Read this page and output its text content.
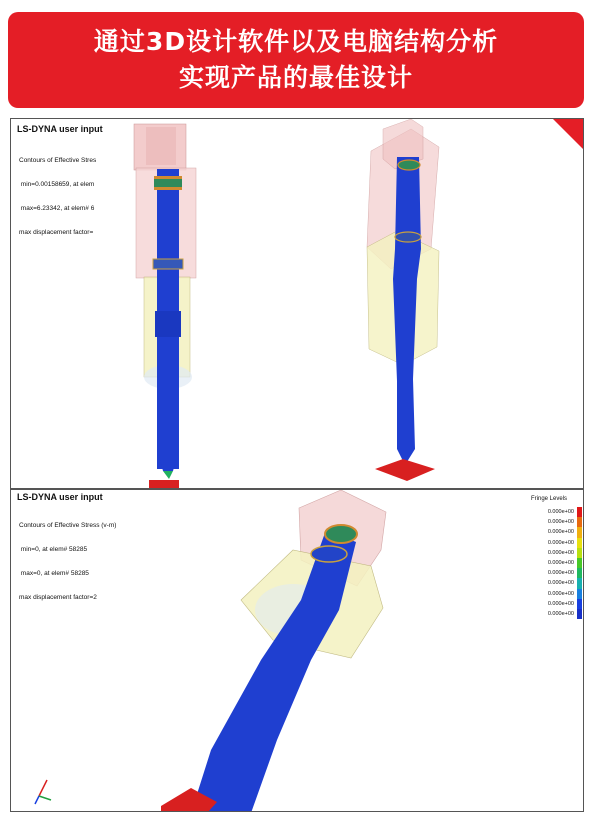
通过3D设计软件以及电脑结构分析
实现产品的最佳设计
LS-DYNA user input

Contours of Effective Stres

min=0.00158659, at elem

max=6.23342, at elem# 6

max displacement factor=

LS-DYNA user input

Contours of Effective Stress (v-m)

min=0, at elem# 58285

max=0, at elem# 58285

max displacement factor=2

Fringe Levels
0.000e+00
0.000e+00
0.000e+00
0.000e+00
0.000e+00
0.000e+00
0.000e+00
0.000e+00
0.000e+00
0.000e+00
0.000e+00
